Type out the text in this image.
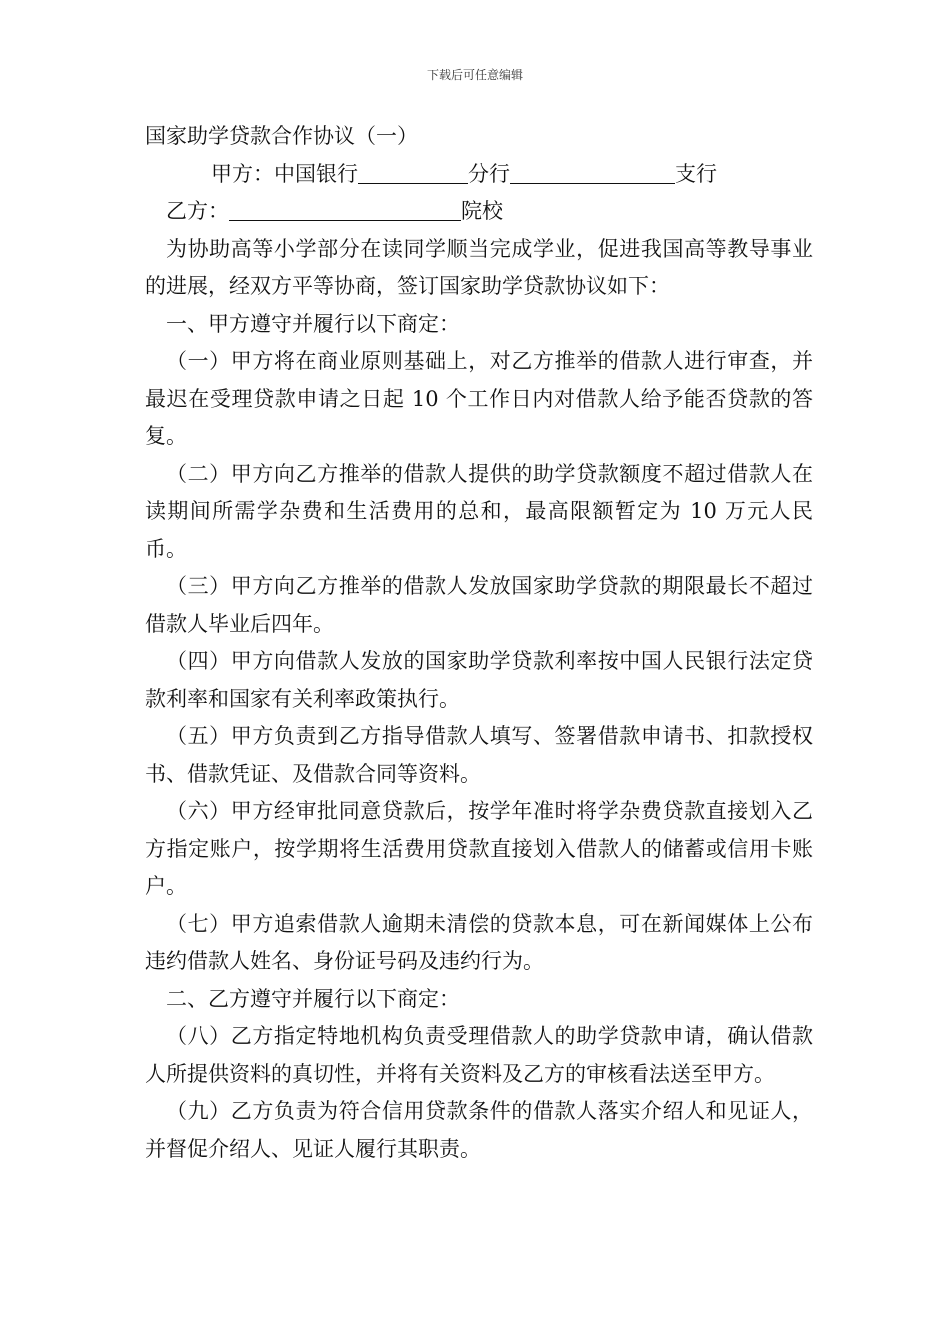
下载后可任意编辑
国家助学贷款合作协议（一）
甲方：中国银行	分行	支行
乙方：	院校

为协助高等小学部分在读同学顺当完成学业，促进我国高等教导事业的进展，经双方平等协商，签订国家助学贷款协议如下：

一、甲方遵守并履行以下商定：

（一）甲方将在商业原则基础上，对乙方推举的借款人进行审查，并最迟在受理贷款申请之日起 10 个工作日内对借款人给予能否贷款的答复。

（二）甲方向乙方推举的借款人提供的助学贷款额度不超过借款人在读期间所需学杂费和生活费用的总和，最高限额暂定为 10 万元人民币。

（三）甲方向乙方推举的借款人发放国家助学贷款的期限最长不超过借款人毕业后四年。

（四）甲方向借款人发放的国家助学贷款利率按中国人民银行法定贷款利率和国家有关利率政策执行。

（五）甲方负责到乙方指导借款人填写、签署借款申请书、扣款授权书、借款凭证、及借款合同等资料。

（六）甲方经审批同意贷款后，按学年准时将学杂费贷款直接划入乙方指定账户，按学期将生活费用贷款直接划入借款人的储蓄或信用卡账户。

（七）甲方追索借款人逾期未清偿的贷款本息，可在新闻媒体上公布违约借款人姓名、身份证号码及违约行为。

二、乙方遵守并履行以下商定：

（八）乙方指定特地机构负责受理借款人的助学贷款申请，确认借款人所提供资料的真切性，并将有关资料及乙方的审核看法送至甲方。

（九）乙方负责为符合信用贷款条件的借款人落实介绍人和见证人，并督促介绍人、见证人履行其职责。
